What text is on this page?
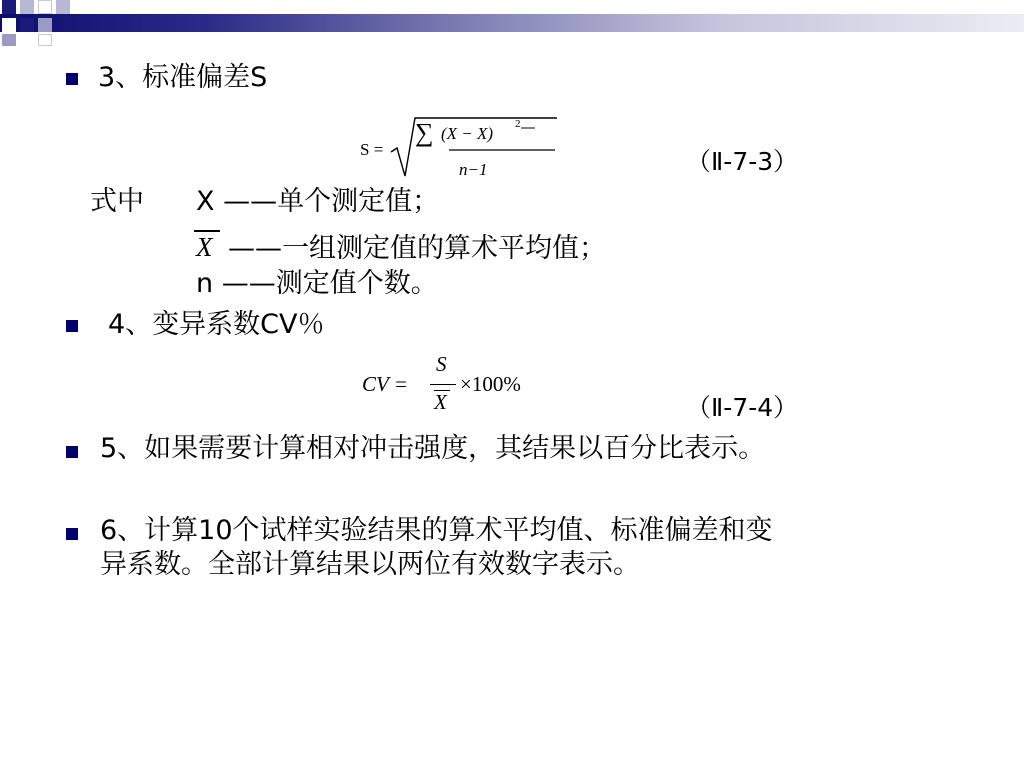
3、标准偏差S
S =
∑ (X − X) 2
n−1	（Ⅱ-7-3）
式中 X ——单个测定值；
X ——一组测定值的算术平均值；
n ——测定值个数。
4、变异系数CV％
CV =
S
X
×100%
（Ⅱ-7-4）
5、如果需要计算相对冲击强度，其结果以百分比表示。
6、计算10个试样实验结果的算术平均值、标准偏差和变
异系数。全部计算结果以两位有效数字表示。
